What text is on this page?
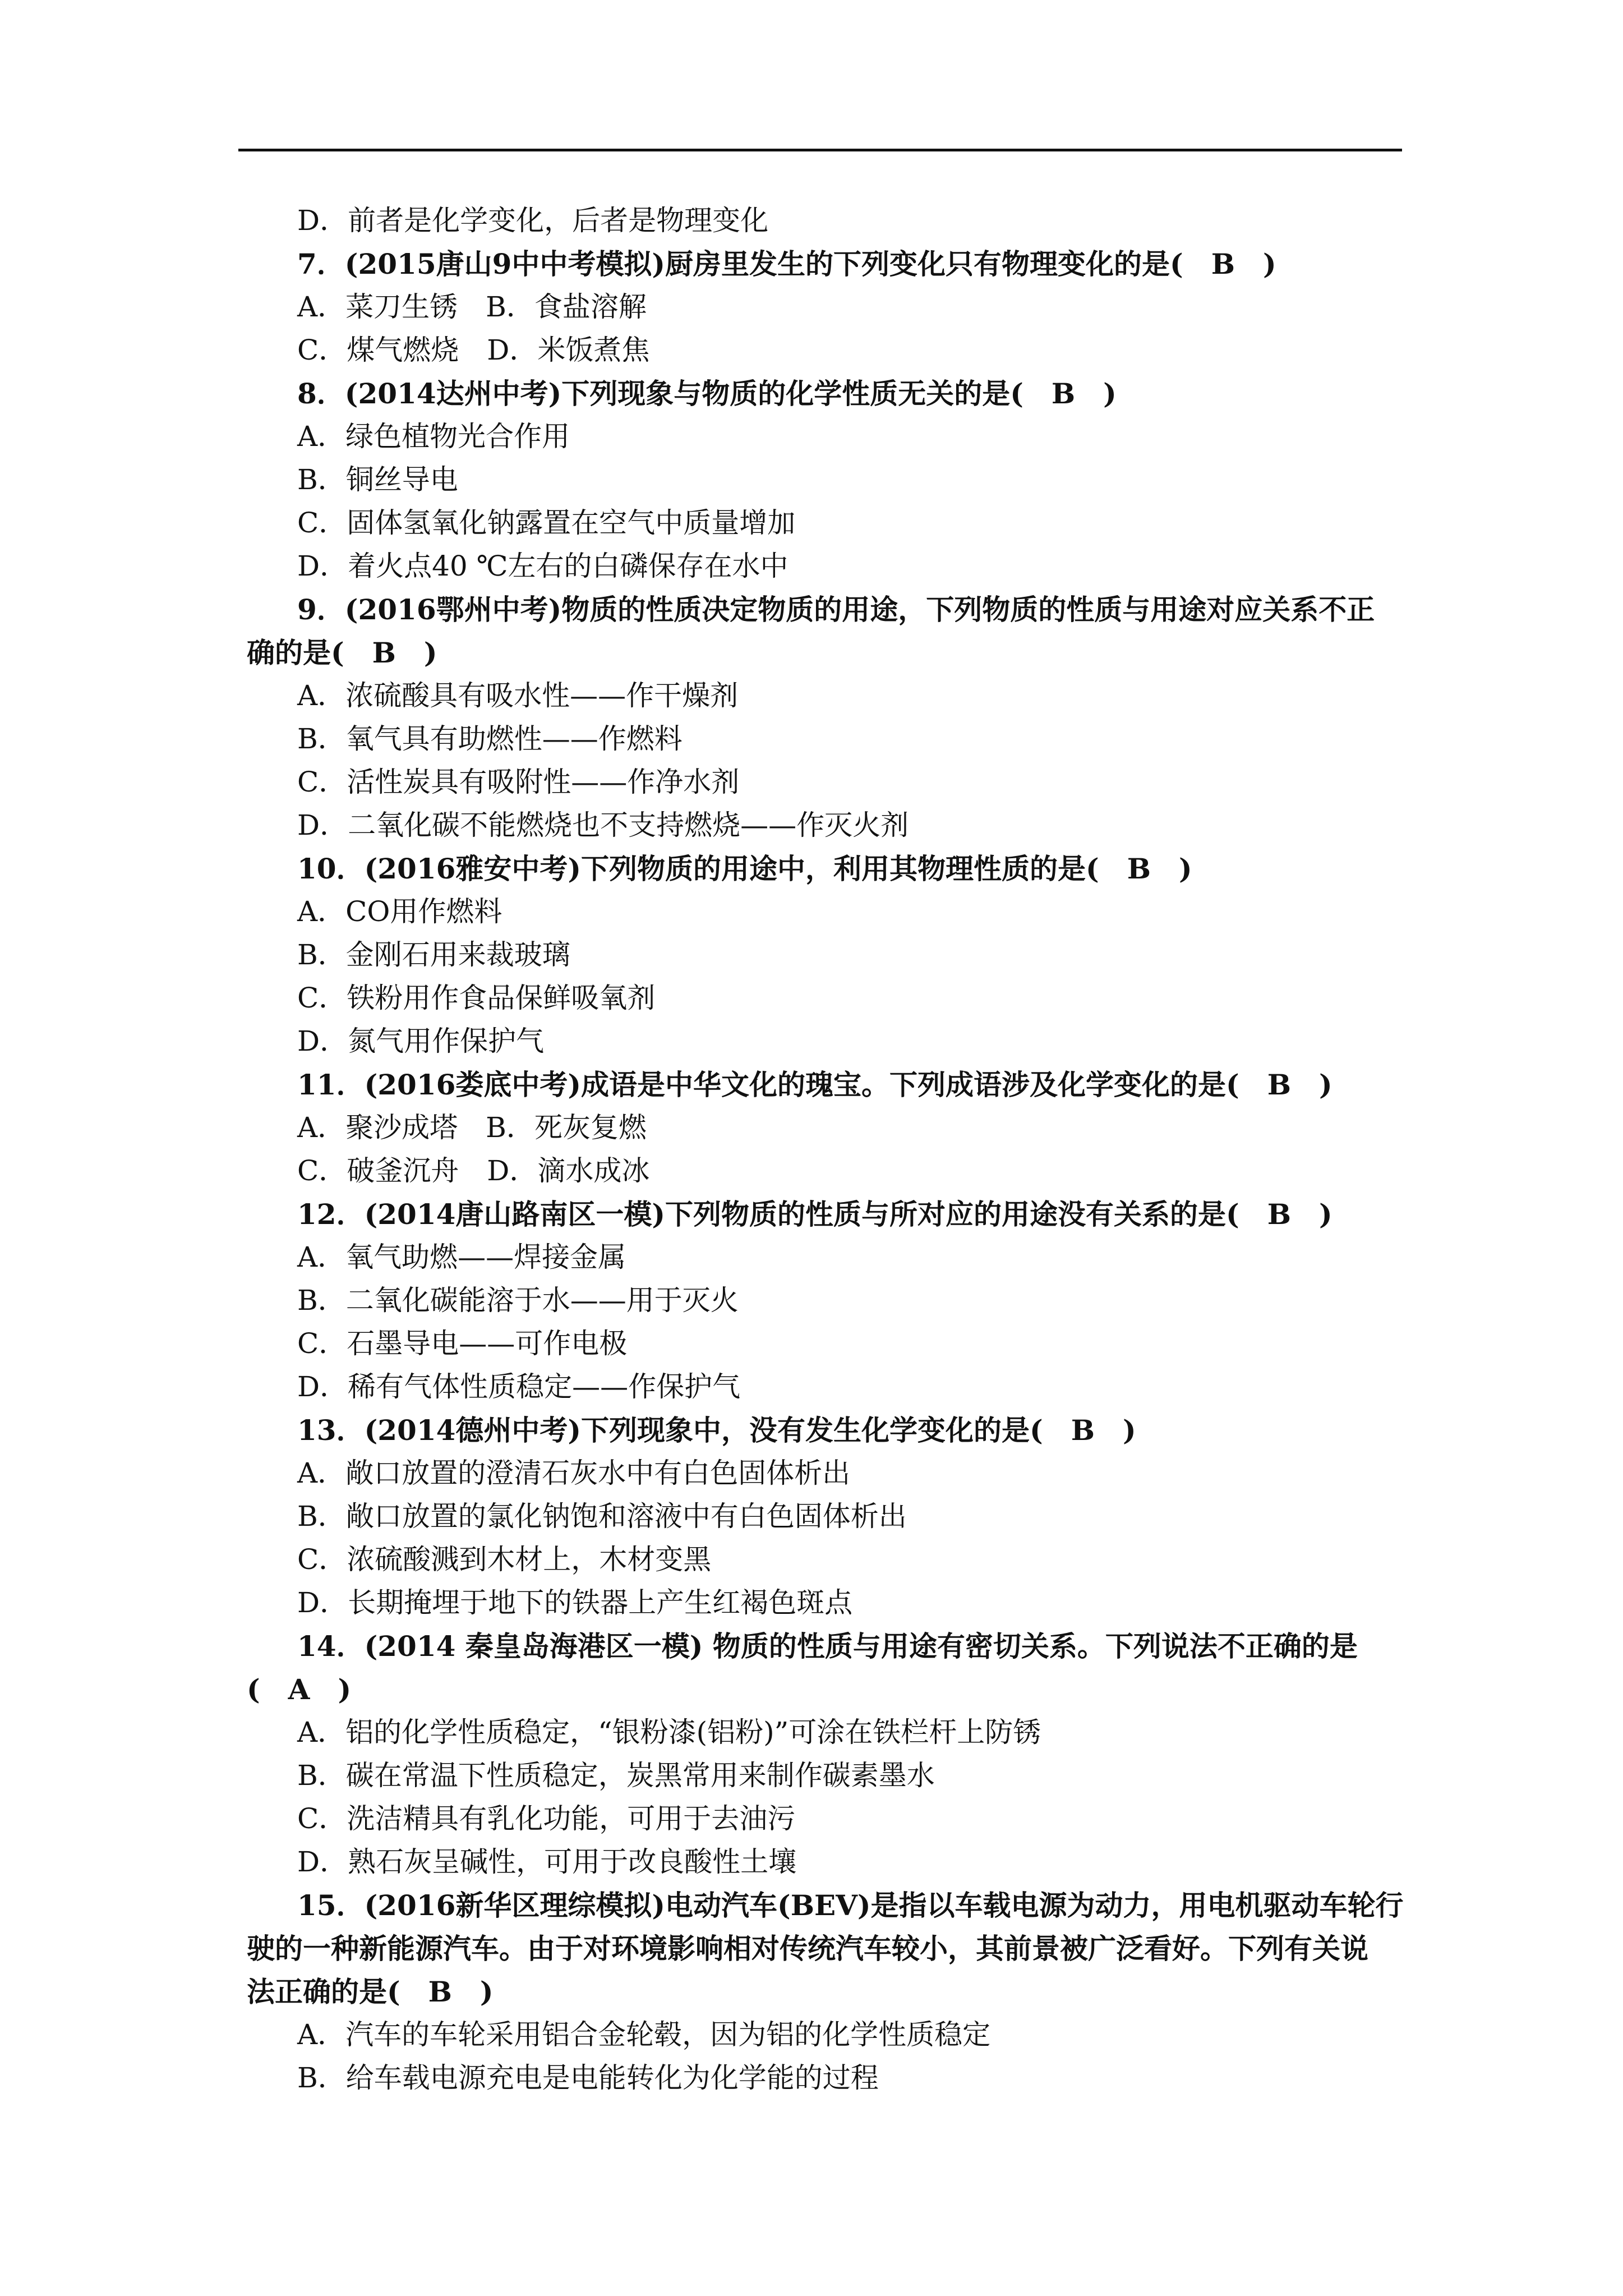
D．前者是化学变化，后者是物理变化
7．(2015唐山9中中考模拟)厨房里发生的下列变化只有物理变化的是(　B　)
A．菜刀生锈　B．食盐溶解
C．煤气燃烧　D．米饭煮焦
8．(2014达州中考)下列现象与物质的化学性质无关的是(　B　)
A．绿色植物光合作用
B．铜丝导电
C．固体氢氧化钠露置在空气中质量增加
D．着火点40 ℃左右的白磷保存在水中
9．(2016鄂州中考)物质的性质决定物质的用途，下列物质的性质与用途对应关系不正
确的是(　B　)
A．浓硫酸具有吸水性——作干燥剂
B．氧气具有助燃性——作燃料
C．活性炭具有吸附性——作净水剂
D．二氧化碳不能燃烧也不支持燃烧——作灭火剂
10．(2016雅安中考)下列物质的用途中，利用其物理性质的是(　B　)
A．CO用作燃料
B．金刚石用来裁玻璃
C．铁粉用作食品保鲜吸氧剂
D．氮气用作保护气
11．(2016娄底中考)成语是中华文化的瑰宝。下列成语涉及化学变化的是(　B　)
A．聚沙成塔　B．死灰复燃
C．破釜沉舟　D．滴水成冰
12．(2014唐山路南区一模)下列物质的性质与所对应的用途没有关系的是(　B　)
A．氧气助燃——焊接金属
B．二氧化碳能溶于水——用于灭火
C．石墨导电——可作电极
D．稀有气体性质稳定——作保护气
13．(2014德州中考)下列现象中，没有发生化学变化的是(　B　)
A．敞口放置的澄清石灰水中有白色固体析出
B．敞口放置的氯化钠饱和溶液中有白色固体析出
C．浓硫酸溅到木材上，木材变黑
D．长期掩埋于地下的铁器上产生红褐色斑点
14．(2014 秦皇岛海港区一模) 物质的性质与用途有密切关系。下列说法不正确的是
(　A　)
A．铝的化学性质稳定，“银粉漆(铝粉)”可涂在铁栏杆上防锈
B．碳在常温下性质稳定，炭黑常用来制作碳素墨水
C．洗洁精具有乳化功能，可用于去油污
D．熟石灰呈碱性，可用于改良酸性土壤
15．(2016新华区理综模拟)电动汽车(BEV)是指以车载电源为动力，用电机驱动车轮行
驶的一种新能源汽车。由于对环境影响相对传统汽车较小，其前景被广泛看好。下列有关说
法正确的是(　B　)
A．汽车的车轮采用铝合金轮毂，因为铝的化学性质稳定
B．给车载电源充电是电能转化为化学能的过程
